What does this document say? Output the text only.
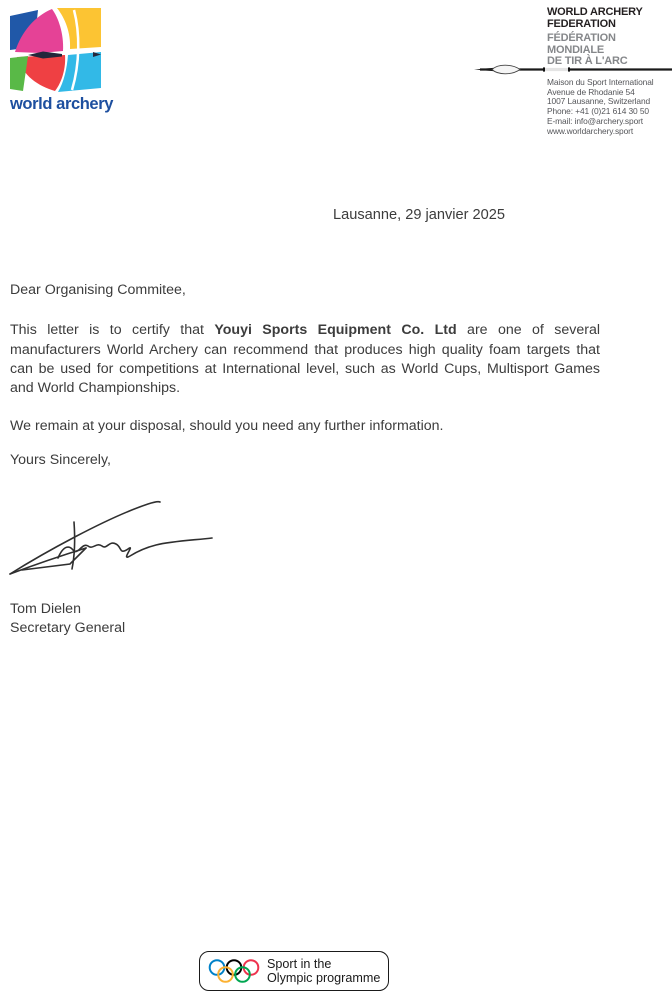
world archery
WORLD ARCHERY
FEDERATION
FÉDÉRATION
MONDIALE
DE TIR À L'ARC
Maison du Sport International
Avenue de Rhodanie 54
1007 Lausanne, Switzerland
Phone: +41 (0)21 614 30 50
E-mail: info@archery.sport
www.worldarchery.sport
Lausanne, 29 janvier 2025

Dear Organising Commitee,

This letter is to certify that Youyi Sports Equipment Co. Ltd are one of several manufacturers World Archery can recommend that produces high quality foam targets that can be used for competitions at International level, such as World Cups, Multisport Games and World Championships.

We remain at your disposal, should you need any further information.

Yours Sincerely,

Tom Dielen
Secretary General

Sport in the
Olympic programme
